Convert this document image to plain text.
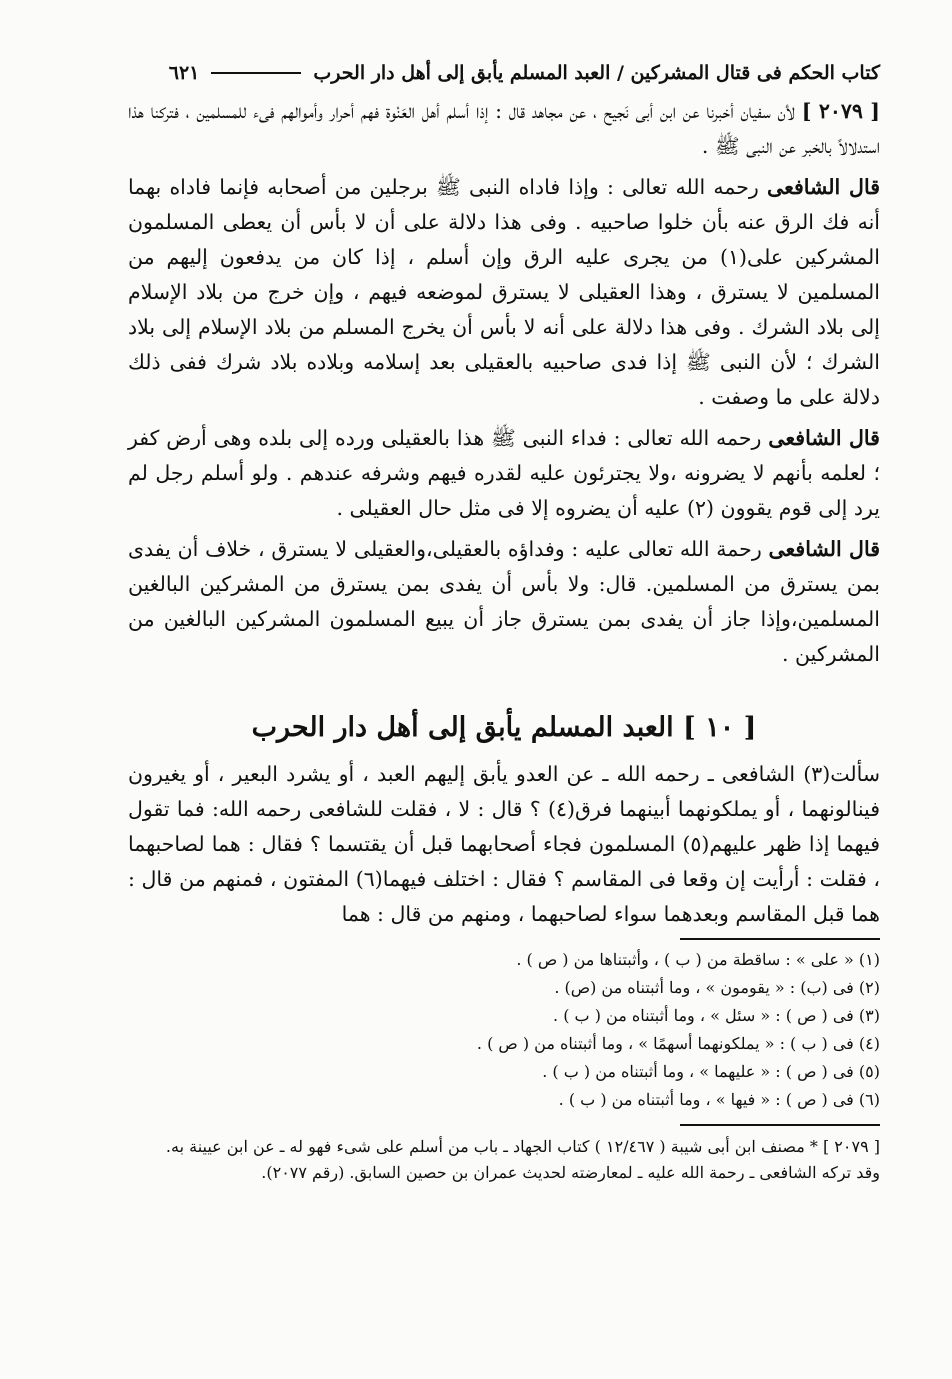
كتاب الحكم فى قتال المشركين / العبد المسلم يأبق إلى أهل دار الحرب
٦٢١

[ ٢٠٧٩ ] لأن سفيان أخبرنا عن ابن أبى نَجيح ، عن مجاهد قال : إذا أسلم أهل العَنْوة فهم أحرار وأموالهم فىء للمسلمين ، فتركنا هذا استدلالاً بالخبر عن النبى ﷺ .

قال الشافعى رحمه الله تعالى : وإذا فاداه النبى ﷺ برجلين من أصحابه فإنما فاداه بهما أنه فك الرق عنه بأن خلوا صاحبيه . وفى هذا دلالة على أن لا بأس أن يعطى المسلمون المشركين على(١) من يجرى عليه الرق وإن أسلم ، إذا كان من يدفعون إليهم من المسلمين لا يسترق ، وهذا العقيلى لا يسترق لموضعه فيهم ، وإن خرج من بلاد الإسلام إلى بلاد الشرك . وفى هذا دلالة على أنه لا بأس أن يخرج المسلم من بلاد الإسلام إلى بلاد الشرك ؛ لأن النبى ﷺ إذا فدى صاحبيه بالعقيلى بعد إسلامه وبلاده بلاد شرك ففى ذلك دلالة على ما وصفت .

قال الشافعى رحمه الله تعالى : فداء النبى ﷺ هذا بالعقيلى ورده إلى بلده وهى أرض كفر ؛ لعلمه بأنهم لا يضرونه ،ولا يجترئون عليه لقدره فيهم وشرفه عندهم . ولو أسلم رجل لم يرد إلى قوم يقوون (٢) عليه أن يضروه إلا فى مثل حال العقيلى .

قال الشافعى رحمة الله تعالى عليه : وفداؤه بالعقيلى،والعقيلى لا يسترق ، خلاف أن يفدى بمن يسترق من المسلمين. قال: ولا بأس أن يفدى بمن يسترق من المشركين البالغين المسلمين،وإذا جاز أن يفدى بمن يسترق جاز أن يبيع المسلمون المشركين البالغين من المشركين .

[ ١٠ ] العبد المسلم يأبق إلى أهل دار الحرب

سألت(٣) الشافعى ـ رحمه الله ـ عن العدو يأبق إليهم العبد ، أو يشرد البعير ، أو يغيرون فينالونهما ، أو يملكونهما أبينهما فرق(٤) ؟ قال : لا ، فقلت للشافعى رحمه الله: فما تقول فيهما إذا ظهر عليهم(٥) المسلمون فجاء أصحابهما قبل أن يقتسما ؟ فقال : هما لصاحبهما ، فقلت : أرأيت إن وقعا فى المقاسم ؟ فقال : اختلف فيهما(٦) المفتون ، فمنهم من قال : هما قبل المقاسم وبعدهما سواء لصاحبهما ، ومنهم من قال : هما

(١) « على » : ساقطة من ( ب ) ، وأثبتناها من ( ص ) .
(٢) فى (ب) : « يقومون » ، وما أثبتناه من (ص) .
(٣) فى ( ص ) : « سئل » ، وما أثبتناه من ( ب ) .
(٤) فى ( ب ) : « يملكونهما أسهمًا » ، وما أثبتناه من ( ص ) .
(٥) فى ( ص ) : « عليهما » ، وما أثبتناه من ( ب ) .
(٦) فى ( ص ) : « فيها » ، وما أثبتناه من ( ب ) .
[ ٢٠٧٩ ] * مصنف ابن أبى شيبة ( ١٢/٤٦٧ ) كتاب الجهاد ـ باب من أسلم على شىء فهو له ـ عن ابن عيينة به.
وقد تركه الشافعى ـ رحمة الله عليه ـ لمعارضته لحديث عمران بن حصين السابق. (رقم ٢٠٧٧).
